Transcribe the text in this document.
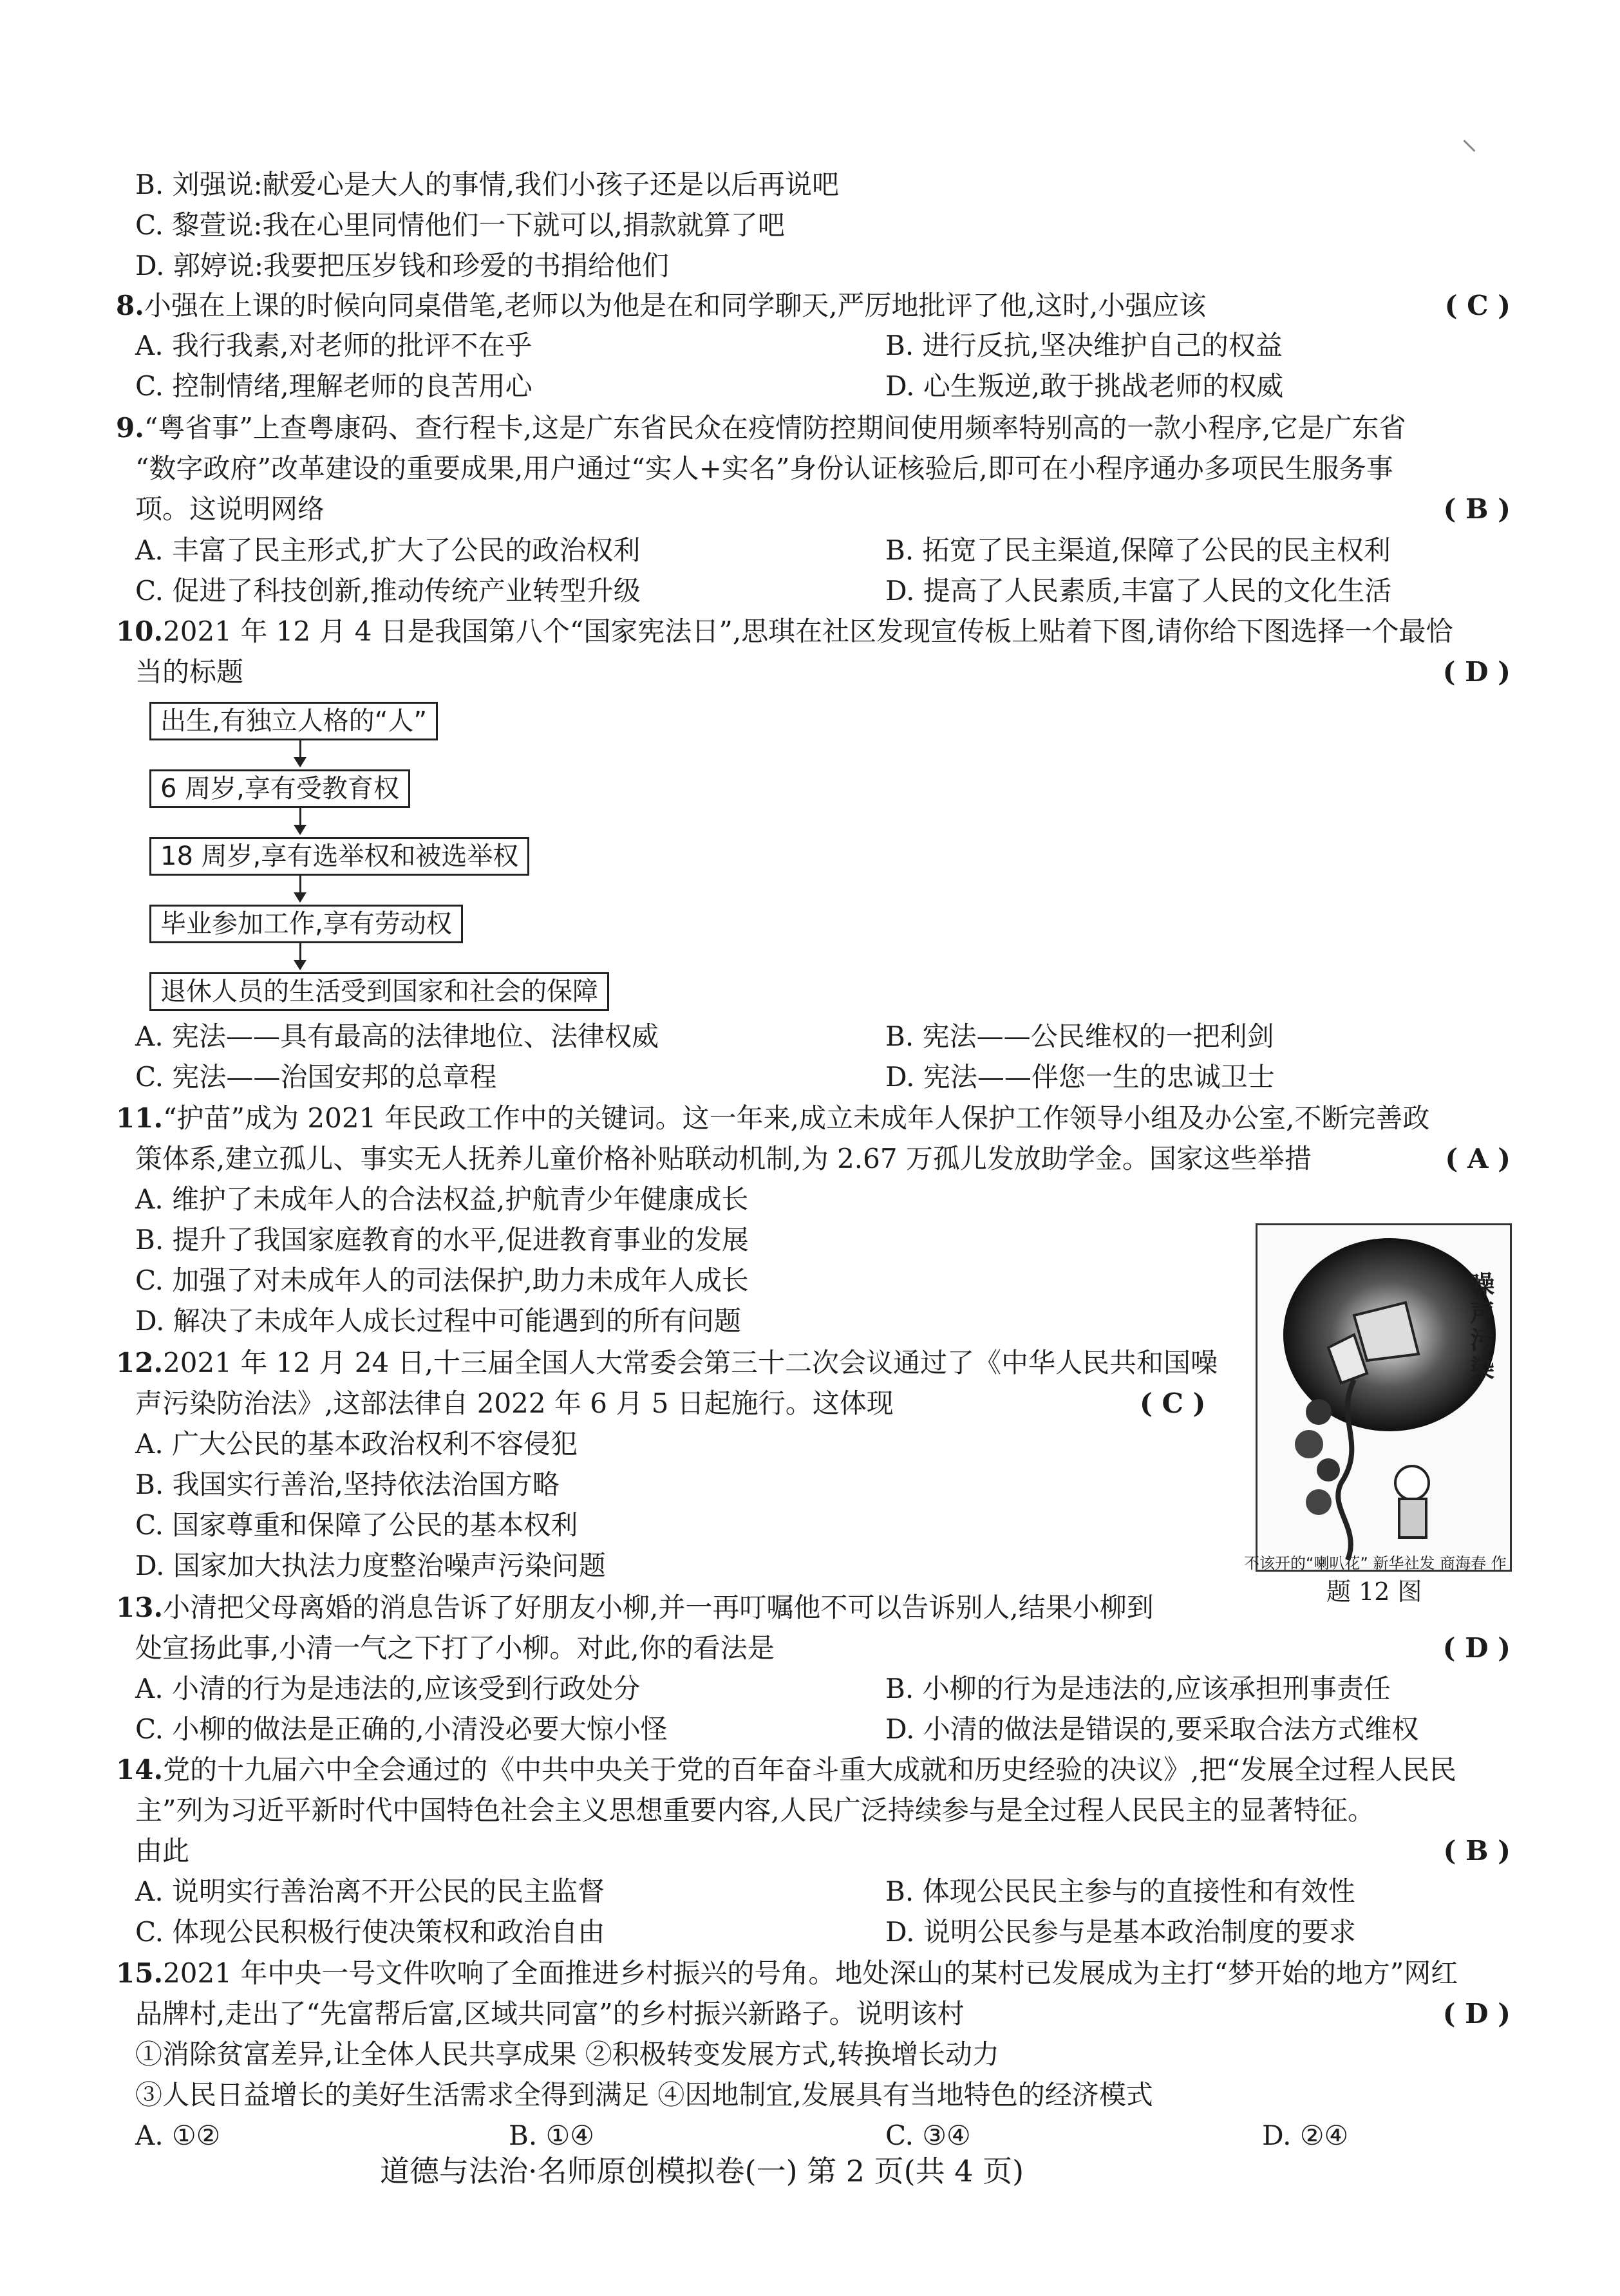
B. 刘强说:献爱心是大人的事情,我们小孩子还是以后再说吧
C. 黎萱说:我在心里同情他们一下就可以,捐款就算了吧
D. 郭婷说:我要把压岁钱和珍爱的书捐给他们
8.小强在上课的时候向同桌借笔,老师以为他是在和同学聊天,严厉地批评了他,这时,小强应该	( C )
A. 我行我素,对老师的批评不在乎	B. 进行反抗,坚决维护自己的权益
C. 控制情绪,理解老师的良苦用心	D. 心生叛逆,敢于挑战老师的权威
9.“粤省事”上查粤康码、查行程卡,这是广东省民众在疫情防控期间使用频率特别高的一款小程序,它是广东省
“数字政府”改革建设的重要成果,用户通过“实人+实名”身份认证核验后,即可在小程序通办多项民生服务事
项。这说明网络	( B )
A. 丰富了民主形式,扩大了公民的政治权利	B. 拓宽了民主渠道,保障了公民的民主权利
C. 促进了科技创新,推动传统产业转型升级	D. 提高了人民素质,丰富了人民的文化生活
10.2021 年 12 月 4 日是我国第八个“国家宪法日”,思琪在社区发现宣传板上贴着下图,请你给下图选择一个最恰
当的标题	( D )
出生,有独立人格的“人”
6 周岁,享有受教育权
18 周岁,享有选举权和被选举权
毕业参加工作,享有劳动权
退休人员的生活受到国家和社会的保障
A. 宪法——具有最高的法律地位、法律权威	B. 宪法——公民维权的一把利剑
C. 宪法——治国安邦的总章程	D. 宪法——伴您一生的忠诚卫士
11.“护苗”成为 2021 年民政工作中的关键词。这一年来,成立未成年人保护工作领导小组及办公室,不断完善政
策体系,建立孤儿、事实无人抚养儿童价格补贴联动机制,为 2.67 万孤儿发放助学金。国家这些举措	( A )
A. 维护了未成年人的合法权益,护航青少年健康成长
B. 提升了我国家庭教育的水平,促进教育事业的发展
C. 加强了对未成年人的司法保护,助力未成年人成长
D. 解决了未成年人成长过程中可能遇到的所有问题
噪声污染
不该开的“喇叭花” 新华社发 商海春 作
题 12 图
12.2021 年 12 月 24 日,十三届全国人大常委会第三十二次会议通过了《中华人民共和国噪
声污染防治法》,这部法律自 2022 年 6 月 5 日起施行。这体现	( C )
A. 广大公民的基本政治权利不容侵犯
B. 我国实行善治,坚持依法治国方略
C. 国家尊重和保障了公民的基本权利
D. 国家加大执法力度整治噪声污染问题
13.小清把父母离婚的消息告诉了好朋友小柳,并一再叮嘱他不可以告诉别人,结果小柳到
处宣扬此事,小清一气之下打了小柳。对此,你的看法是	( D )
A. 小清的行为是违法的,应该受到行政处分	B. 小柳的行为是违法的,应该承担刑事责任
C. 小柳的做法是正确的,小清没必要大惊小怪	D. 小清的做法是错误的,要采取合法方式维权
14.党的十九届六中全会通过的《中共中央关于党的百年奋斗重大成就和历史经验的决议》,把“发展全过程人民民
主”列为习近平新时代中国特色社会主义思想重要内容,人民广泛持续参与是全过程人民民主的显著特征。
由此	( B )
A. 说明实行善治离不开公民的民主监督	B. 体现公民民主参与的直接性和有效性
C. 体现公民积极行使决策权和政治自由	D. 说明公民参与是基本政治制度的要求
15.2021 年中央一号文件吹响了全面推进乡村振兴的号角。地处深山的某村已发展成为主打“梦开始的地方”网红
品牌村,走出了“先富帮后富,区域共同富”的乡村振兴新路子。说明该村	( D )
①消除贫富差异,让全体人民共享成果 ②积极转变发展方式,转换增长动力
③人民日益增长的美好生活需求全得到满足 ④因地制宜,发展具有当地特色的经济模式
A. ①②	B. ①④	C. ③④	D. ②④
道德与法治·名师原创模拟卷(一) 第 2 页(共 4 页)
